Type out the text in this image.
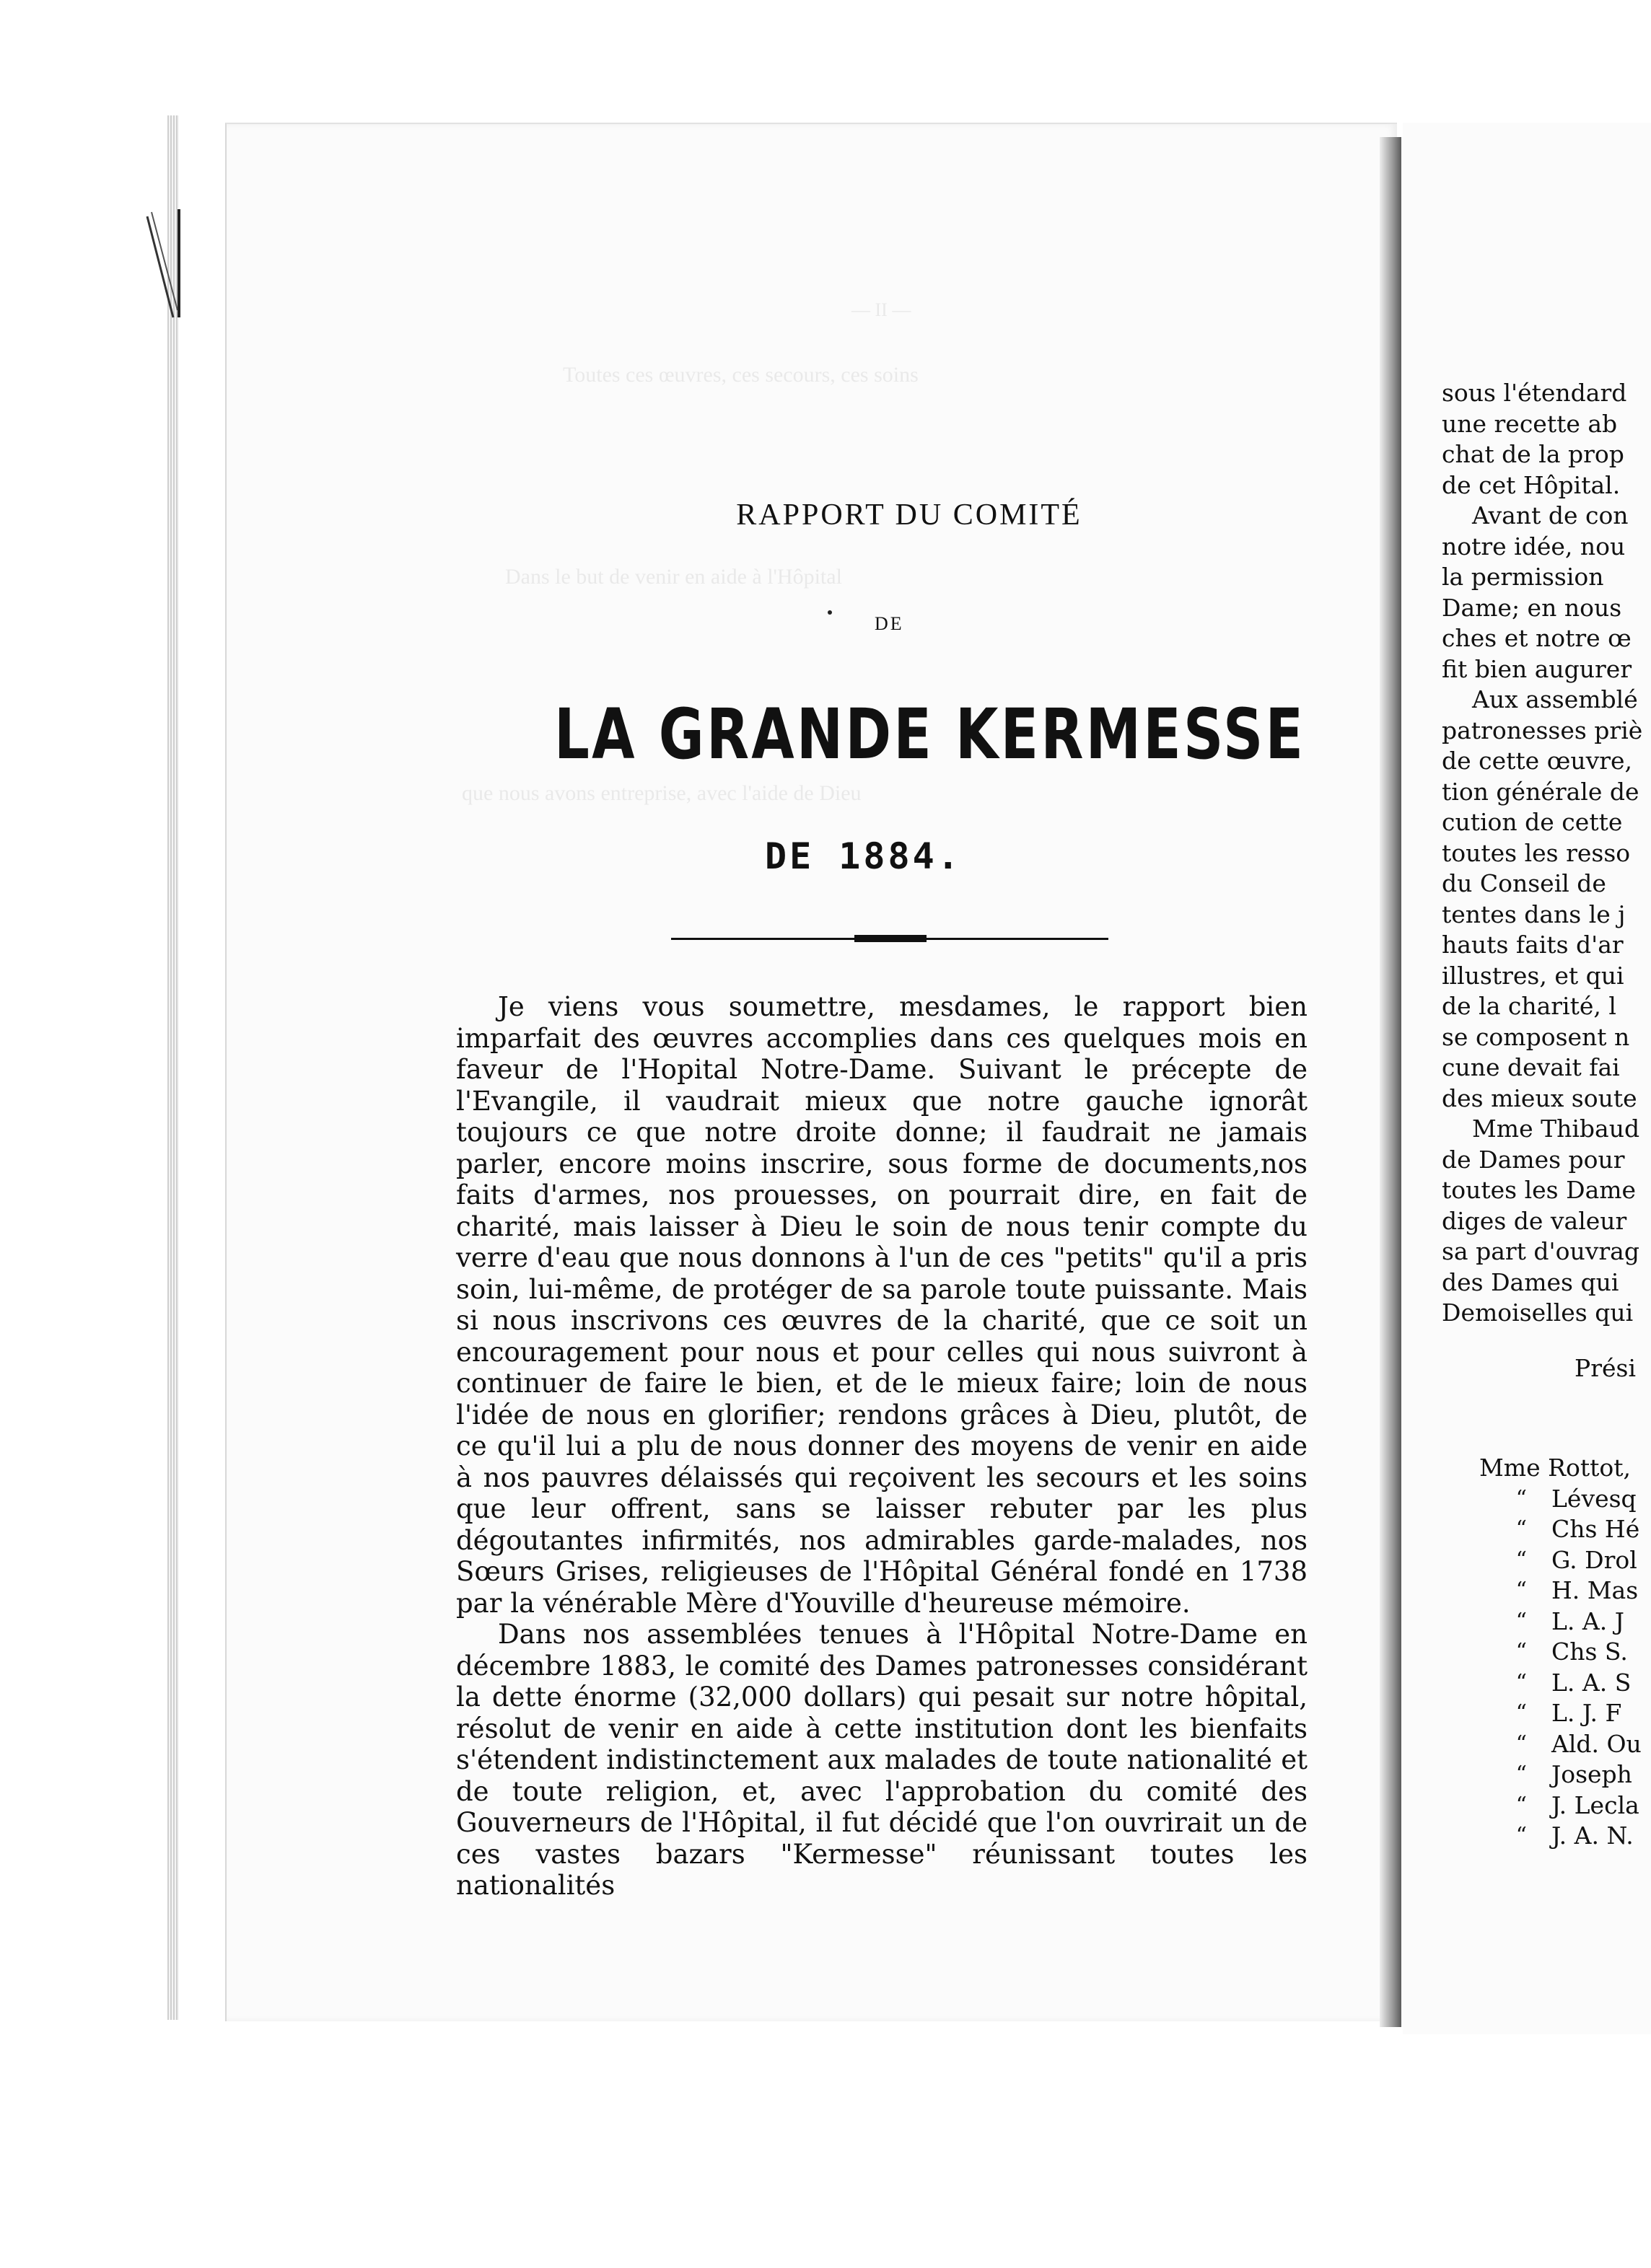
— II —
Toutes ces œuvres, ces secours, ces soins
Dans le but de venir en aide à l'Hôpital
que nous avons entreprise, avec l'aide de Dieu
RAPPORT DU COMITÉ
DE
LA GRANDE KERMESSE
DE 1884.

Je viens vous soumettre, mesdames, le rapport bien imparfait des œuvres accomplies dans ces quelques mois en faveur de l'Hopital Notre-Dame. Suivant le précepte de l'Evangile, il vaudrait mieux que notre gauche ignorât toujours ce que notre droite donne; il faudrait ne jamais parler, encore moins inscrire, sous forme de documents,nos faits d'armes, nos prouesses, on pourrait dire, en fait de charité, mais laisser à Dieu le soin de nous tenir compte du verre d'eau que nous donnons à l'un de ces "petits" qu'il a pris soin, lui-même, de protéger de sa parole toute puissante. Mais si nous inscrivons ces œuvres de la charité, que ce soit un encouragement pour nous et pour celles qui nous suivront à continuer de faire le bien, et de le mieux faire; loin de nous l'idée de nous en glorifier; rendons grâces à Dieu, plutôt, de ce qu'il lui a plu de nous donner des moyens de venir en aide à nos pauvres délaissés qui reçoivent les secours et les soins que leur offrent, sans se laisser rebuter par les plus dégoutantes infirmités, nos admirables garde-malades, nos Sœurs Grises, religieuses de l'Hôpital Général fondé en 1738 par la vénérable Mère d'Youville d'heureuse mémoire.

Dans nos assemblées tenues à l'Hôpital Notre-Dame en décembre 1883, le comité des Dames patronesses considérant la dette énorme (32,000 dollars) qui pesait sur notre hôpital, résolut de venir en aide à cette institution dont les bienfaits s'étendent indistinctement aux malades de toute nationalité et de toute religion, et, avec l'approbation du comité des Gouverneurs de l'Hôpital, il fut décidé que l'on ouvrirait un de ces vastes bazars "Kermesse" réunissant toutes les nationalités

sous l'étendard
une recette ab
chat de la prop
de cet Hôpital.
Avant de con
notre idée, nou
la permission
Dame; en nous
ches et notre œ
fit bien augurer
Aux assemblé
patronesses priè
de cette œuvre,
tion générale de
cution de cette
toutes les resso
du Conseil de
tentes dans le j
hauts faits d'ar
illustres, et qui
de la charité, l
se composent n
cune devait fai
des mieux soute
Mme Thibaud
de Dames pour
toutes les Dame
diges de valeur
sa part d'ouvrag
des Dames qui
Demoiselles qui
Prési
Mme Rottot,
“ Lévesq
“ Chs Hé
“ G. Drol
“ H. Mas
“ L. A. J
“ Chs S.
“ L. A. S
“ L. J. F
“ Ald. Ou
“ Joseph
“ J. Lecla
“ J. A. N.
